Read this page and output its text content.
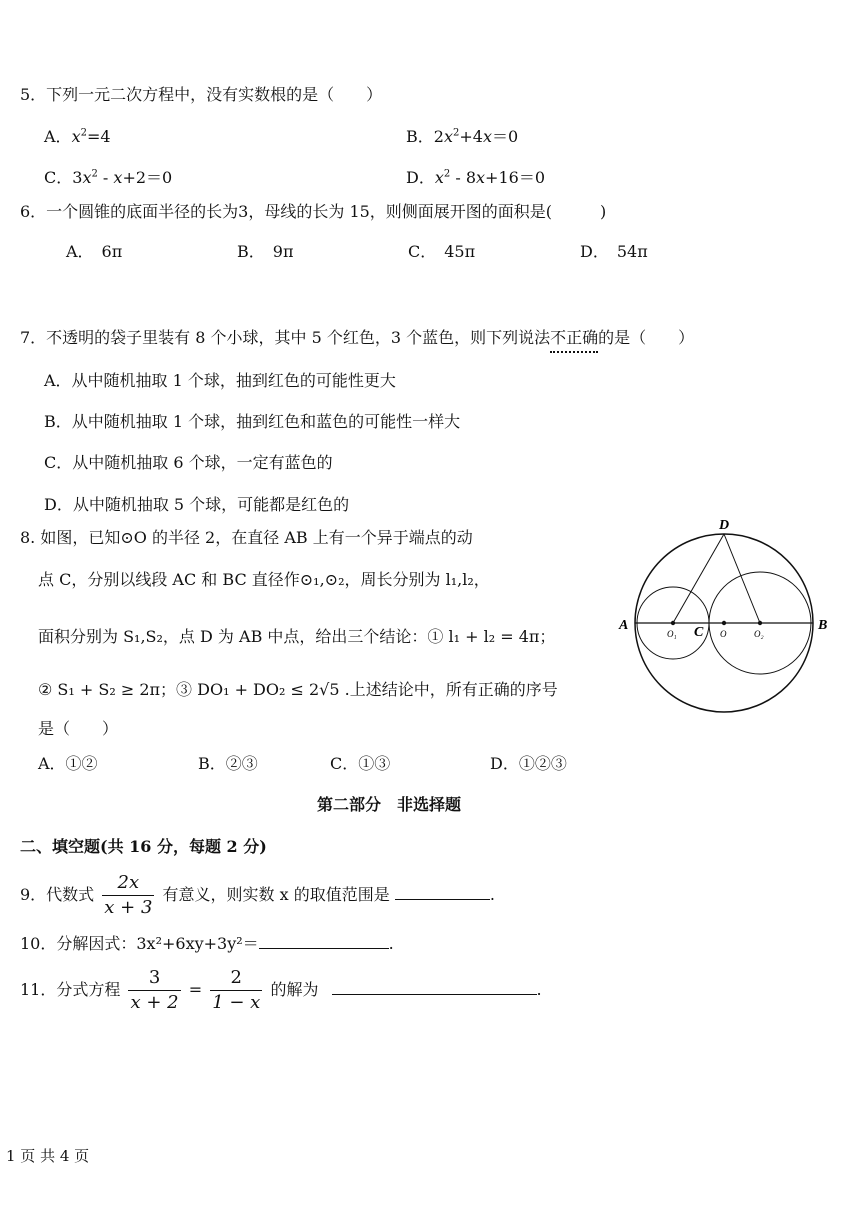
5．下列一元二次方程中，没有实数根的是（　　）
A．$x^2=4$	B．$2x^2+4x=0$
C．$3x^2 - x+2=0$	D．$x^2 - 8x+16=0$
6．一个圆锥的底面半径的长为3，母线的长为 15，则侧面展开图的面积是(　　　)
A．　6π	B．　9π	C．　45π	D．　54π
7．不透明的袋子里装有 8 个小球，其中 5 个红色，3 个蓝色，则下列说法不正确的是（　　）
A．从中随机抽取 1 个球，抽到红色的可能性更大
B．从中随机抽取 1 个球，抽到红色和蓝色的可能性一样大
C．从中随机抽取 6 个球，一定有蓝色的
D．从中随机抽取 5 个球，可能都是红色的
8. 如图，已知⊙O 的半径 2，在直径 AB 上有一个异于端点的动
点 C，分别以线段 AC 和 BC 直径作⊙₁,⊙₂，周长分别为 l₁,l₂，
面积分别为 S₁,S₂，点 D 为 AB 中点，给出三个结论：① l₁ + l₂ = 4π；
② S₁ + S₂ ≥ 2π；③ DO₁ + DO₂ ≤ 2√5 .上述结论中，所有正确的序号
是（　　）
A．①②	B．②③	C．①③	D．①②③
D
A	B
C O
O₁	O₂
第二部分　非选择题
二、填空题(共 16 分，每题 2 分)
9．代数式 $\frac{2x}{x + 3}$ 有意义，则实数 x 的取值范围是	.
10．分解因式：3x²+6xy+3y²＝	.
11．分式方程 $\frac{3}{x + 2} = \frac{2}{1 - x}$ 的解为	.
1 页 共 4 页
